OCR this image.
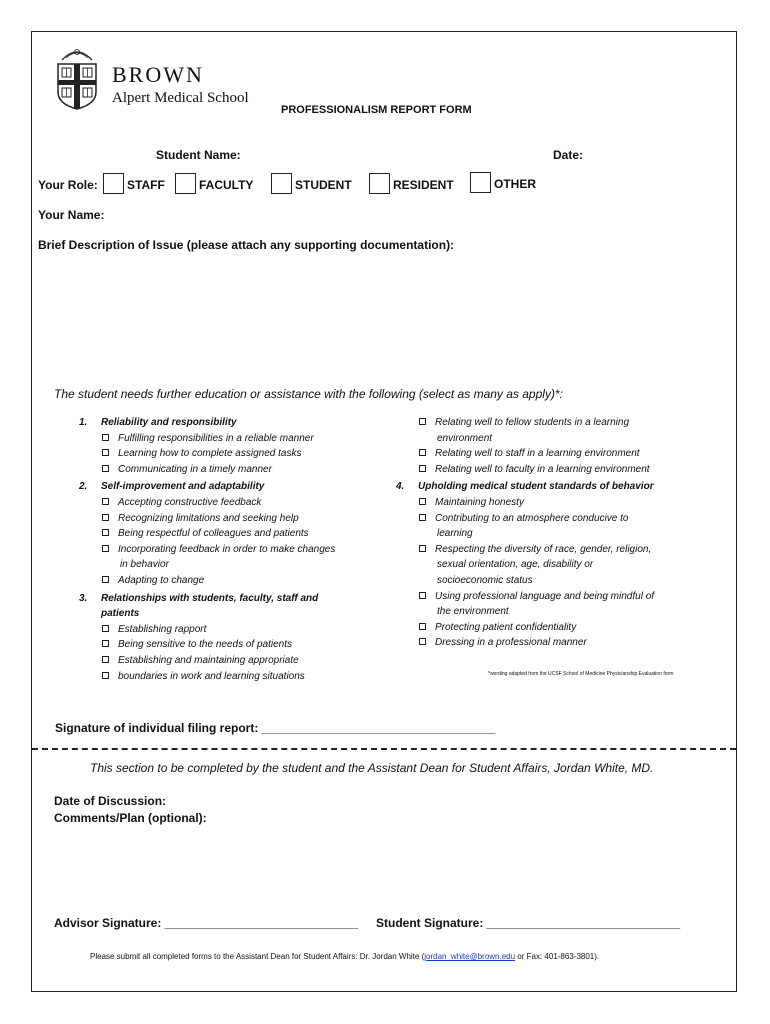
BROWN
Alpert Medical School
PROFESSIONALISM REPORT FORM
Student Name:	Date:
Your Role: STAFF	FACULTY	STUDENT	RESIDENT	OTHER
Your Name:
Brief Description of Issue (please attach any supporting documentation):
The student needs further education or assistance with the following (select as many as apply)*:
1. Reliability and responsibility
Fulfilling responsibilities in a reliable manner
Learning how to complete assigned tasks
Communicating in a timely manner
2. Self-improvement and adaptability
Accepting constructive feedback
Recognizing limitations and seeking help
Being respectful of colleagues and patients
Incorporating feedback in order to make changes
in behavior
Adapting to change
3. Relationships with students, faculty, staff and
patients
Establishing rapport
Being sensitive to the needs of patients
Establishing and maintaining appropriate
boundaries in work and learning situations
Relating well to fellow students in a learning
environment
Relating well to staff in a learning environment
Relating well to faculty in a learning environment
4. Upholding medical student standards of behavior
Maintaining honesty
Contributing to an atmosphere conducive to
learning
Respecting the diversity of race, gender, religion,
sexual orientation, age, disability or
socioeconomic status
Using professional language and being mindful of
the environment
Protecting patient confidentiality
Dressing in a professional manner
*wording adapted from the UCSF School of Medicine Physicianship Evaluation form
Signature of individual filing report: ___________________________________
This section to be completed by the student and the Assistant Dean for Student Affairs, Jordan White, MD.
Date of Discussion:
Comments/Plan (optional):
Advisor Signature: _____________________________ Student Signature: _____________________________
Please submit all completed forms to the Assistant Dean for Student Affairs: Dr. Jordan White (jordan_white@brown.edu or Fax: 401-863-3801).
